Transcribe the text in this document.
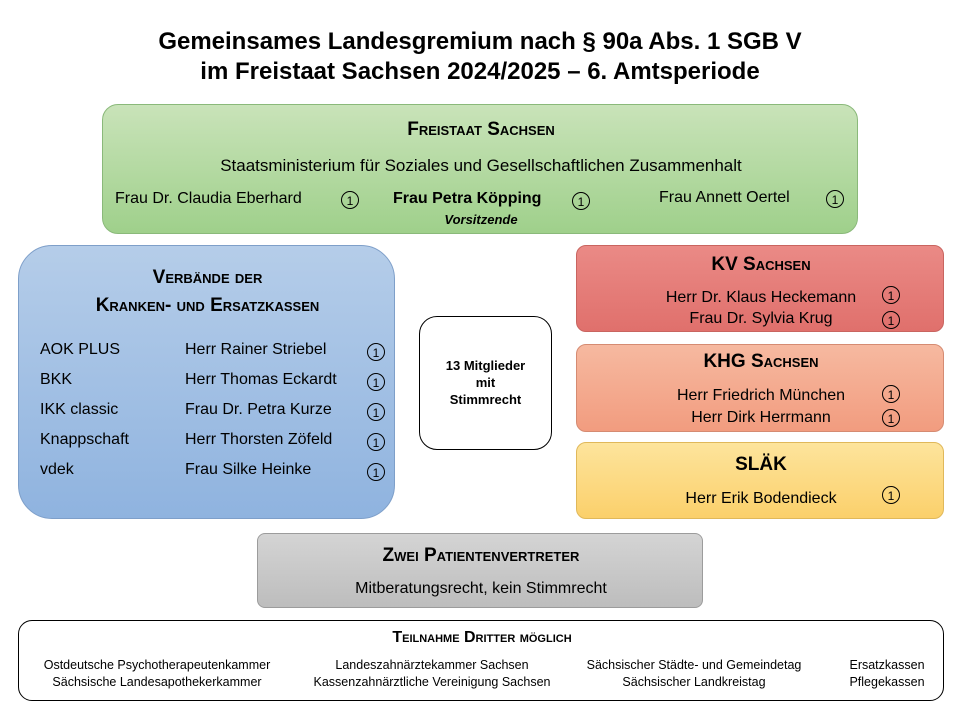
Gemeinsames Landesgremium nach § 90a Abs. 1 SGB V
im Freistaat Sachsen 2024/2025 – 6. Amtsperiode
Freistaat Sachsen
Staatsministerium für Soziales und Gesellschaftlichen Zusammenhalt
Frau Dr. Claudia Eberhard	1	Frau Petra Köpping	1
Vorsitzende
Frau Annett Oertel	1
Verbände der
Kranken- und Ersatzkassen
AOK PLUS	Herr Rainer Striebel	1
BKK	Herr Thomas Eckardt	1
IKK classic	Frau Dr. Petra Kurze	1
Knappschaft	Herr Thorsten Zöfeld	1
vdek	Frau Silke Heinke	1
13 Mitglieder
mit
Stimmrecht
KV Sachsen
Herr Dr. Klaus Heckemann	1
Frau Dr. Sylvia Krug	1
KHG Sachsen
Herr Friedrich München	1
Herr Dirk Herrmann	1
SLÄK
Herr Erik Bodendieck	1
Zwei Patientenvertreter
Mitberatungsrecht, kein Stimmrecht
Teilnahme Dritter möglich
Ostdeutsche Psychotherapeutenkammer
Sächsische Landesapothekerkammer
Landeszahnärztekammer Sachsen
Kassenzahnärztliche Vereinigung Sachsen
Sächsischer Städte- und Gemeindetag
Sächsischer Landkreistag
Ersatzkassen
Pflegekassen
